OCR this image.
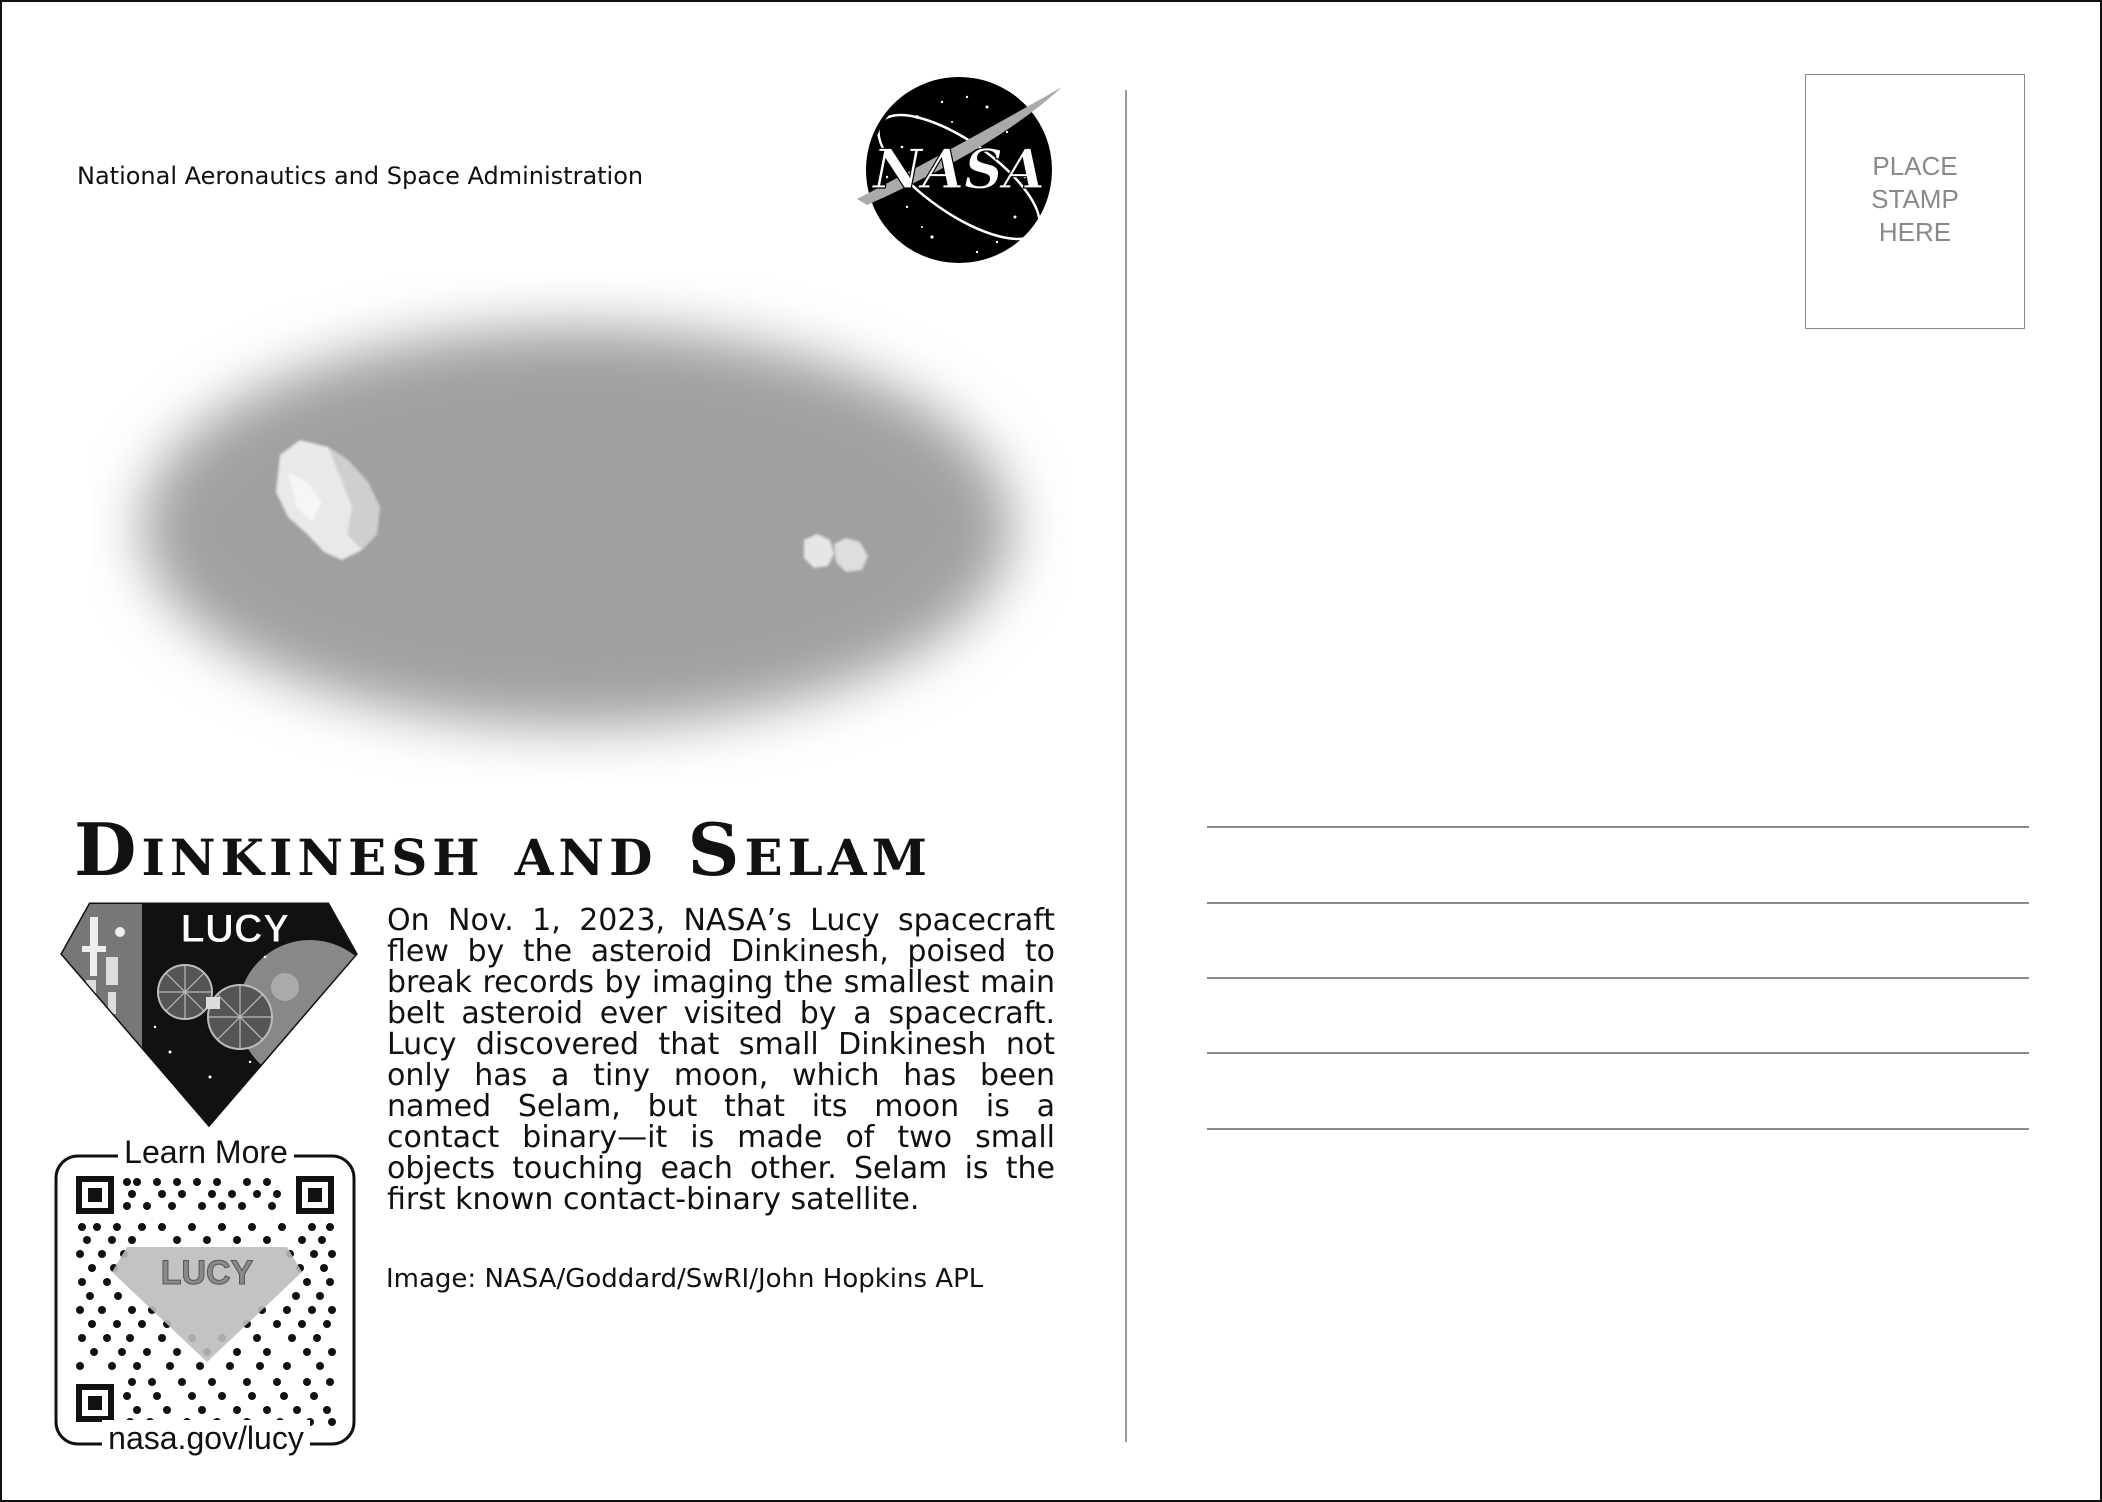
National Aeronautics and Space Administration	NASA
Dinkinesh and Selam
LUCY	On Nov. 1, 2023, NASA’s Lucy spacecraft flew by the asteroid Dinkinesh, poised to break records by imaging the smallest main belt asteroid ever visited by a spacecraft. Lucy discovered that small Dinkinesh not only has a tiny moon, which has been named Selam, but that its moon is a contact binary—it is made of two small objects touching each other. Selam is the first known contact-binary satellite.
Image: NASA/Goddard/SwRI/John Hopkins APL
LUCY
Learn More
nasa.gov/lucy
PLACE
STAMP
HERE
